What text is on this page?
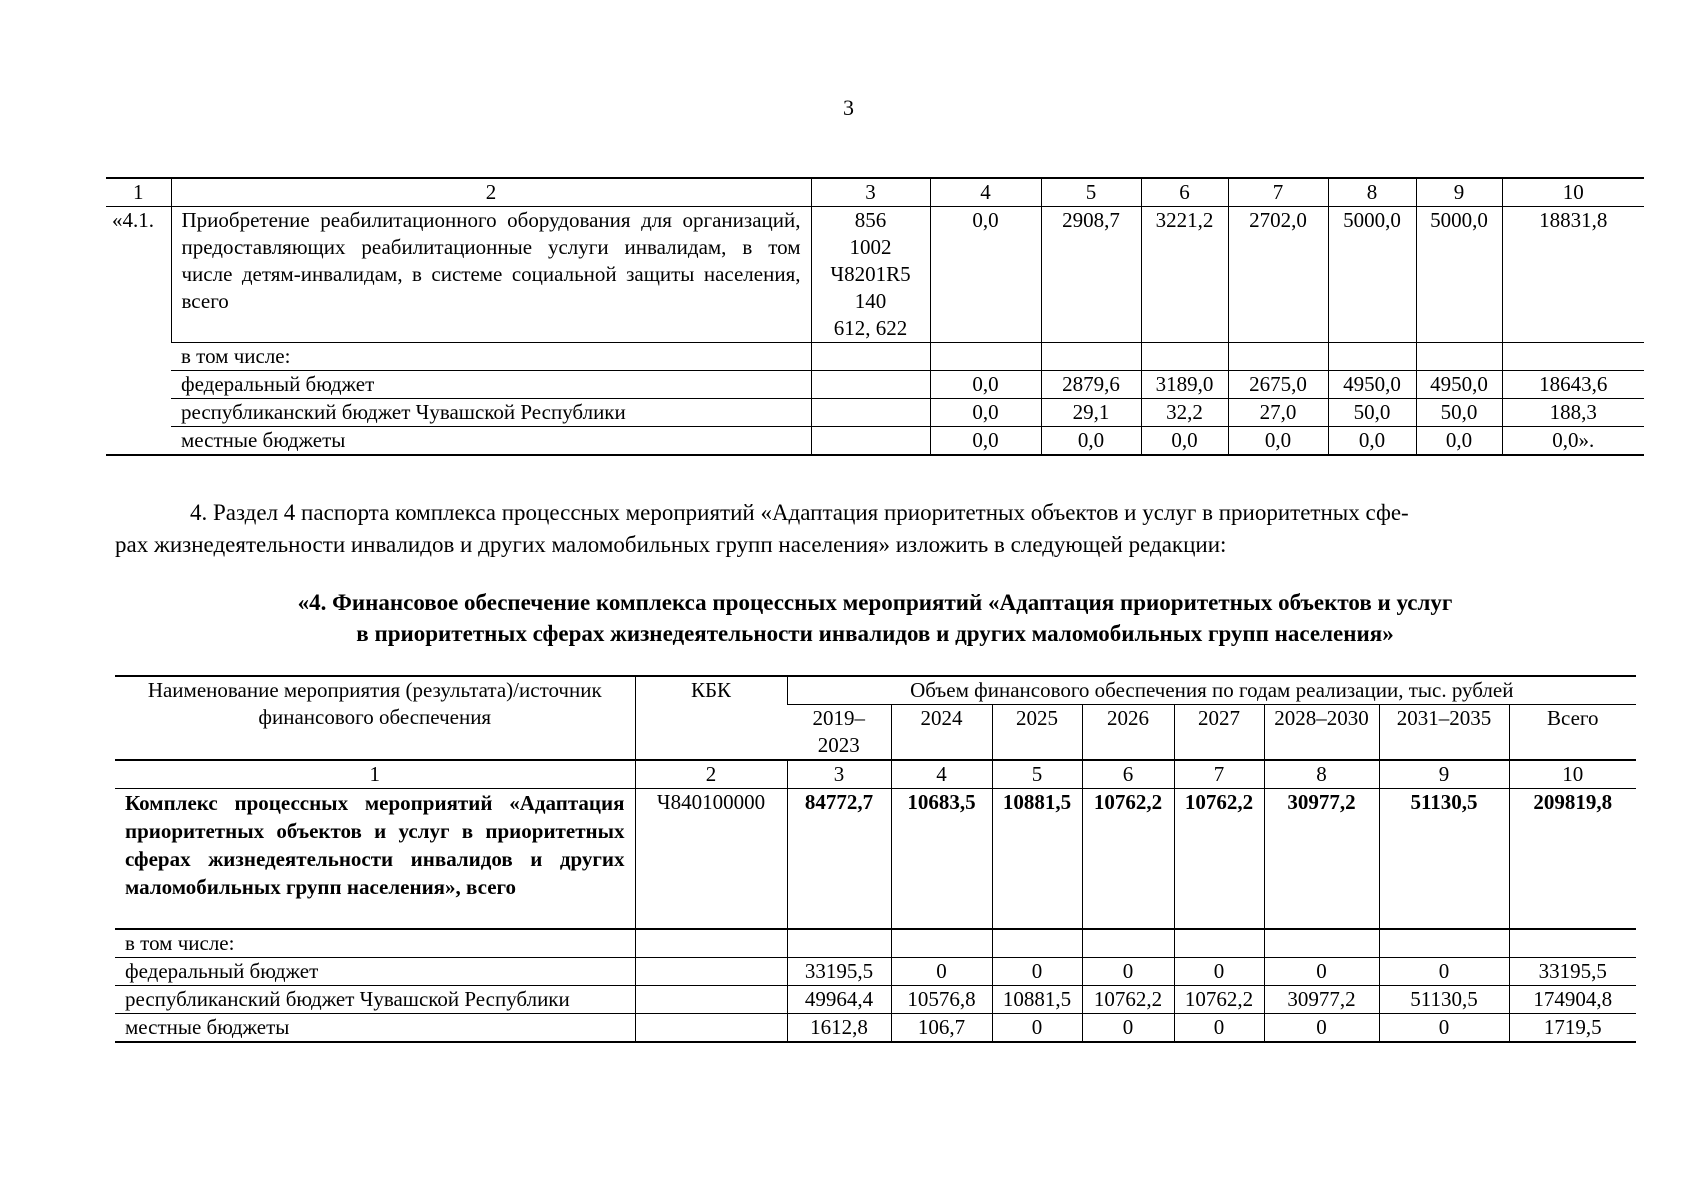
3
1	2	3	4	5	6	7	8	9	10
«4.1.	Приобретение реабилитационного оборудования для организаций, предоставляющих реабилитационные услуги инвалидам, в том числе детям-инвалидам, в системе социальной защиты населения, всего	856
1002
Ч8201R5
140
612, 622	0,0	2908,7	3221,2	2702,0	5000,0	5000,0	18831,8
	в том числе:								
	федеральный бюджет		0,0	2879,6	3189,0	2675,0	4950,0	4950,0	18643,6
	республиканский бюджет Чувашской Республики		0,0	29,1	32,2	27,0	50,0	50,0	188,3
	местные бюджеты		0,0	0,0	0,0	0,0	0,0	0,0	0,0».
4. Раздел 4 паспорта комплекса процессных мероприятий «Адаптация приоритетных объектов и услуг в приоритетных сфе-
рах жизнедеятельности инвалидов и других маломобильных групп населения» изложить в следующей редакции:
«4. Финансовое обеспечение комплекса процессных мероприятий «Адаптация приоритетных объектов и услуг
в приоритетных сферах жизнедеятельности инвалидов и других маломобильных групп населения»
Наименование мероприятия (результата)/источник финансового обеспечения	КБК	Объем финансового обеспечения по годам реализации, тыс. рублей							
		2019–2023	2024	2025	2026	2027	2028–2030	2031–2035	Всего
1	2	3	4	5	6	7	8	9	10
Комплекс процессных мероприятий «Адаптация приоритетных объектов и услуг в приоритетных сферах жизнедеятельности инвалидов и других маломобильных групп населения», всего	Ч840100000	84772,7	10683,5	10881,5	10762,2	10762,2	30977,2	51130,5	209819,8
в том числе:									
федеральный бюджет		33195,5	0	0	0	0	0	0	33195,5
республиканский бюджет Чувашской Республики		49964,4	10576,8	10881,5	10762,2	10762,2	30977,2	51130,5	174904,8
местные бюджеты		1612,8	106,7	0	0	0	0	0	1719,5
